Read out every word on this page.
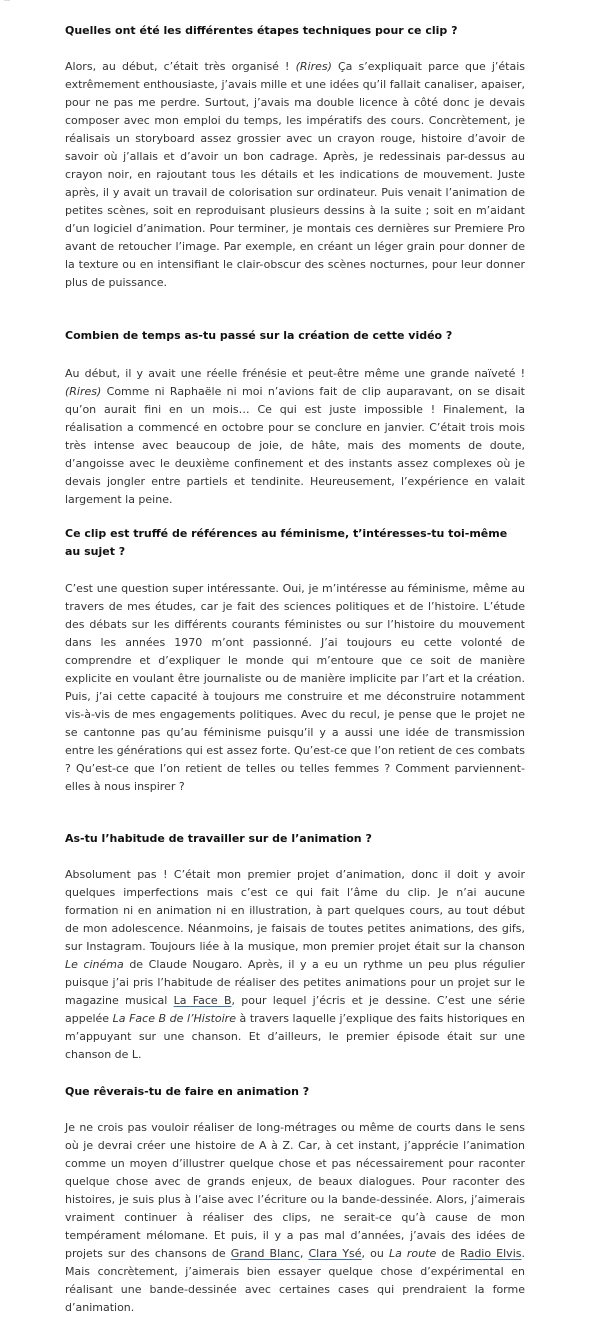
Quelles ont été les différentes étapes techniques pour ce clip ?

Alors, au début, c’était très organisé ! (Rires) Ça s’expliquait parce que j’étais extrêmement enthousiaste, j’avais mille et une idées qu’il fallait canaliser, apaiser, pour ne pas me perdre. Surtout, j’avais ma double licence à côté donc je devais composer avec mon emploi du temps, les impératifs des cours. Concrètement, je réalisais un storyboard assez grossier avec un crayon rouge, histoire d’avoir de savoir où j’allais et d’avoir un bon cadrage. Après, je redessinais par-dessus au crayon noir, en rajoutant tous les détails et les indications de mouvement. Juste après, il y avait un travail de colorisation sur ordinateur. Puis venait l’animation de petites scènes, soit en reproduisant plusieurs dessins à la suite ; soit en m’aidant d’un logiciel d’animation. Pour terminer, je montais ces dernières sur Premiere Pro avant de retoucher l’image. Par exemple, en créant un léger grain pour donner de la texture ou en intensifiant le clair-obscur des scènes nocturnes, pour leur donner plus de puissance.

Combien de temps as-tu passé sur la création de cette vidéo ?

Au début, il y avait une réelle frénésie et peut-être même une grande naïveté ! (Rires) Comme ni Raphaële ni moi n’avions fait de clip auparavant, on se disait qu’on aurait fini en un mois… Ce qui est juste impossible ! Finalement, la réalisation a commencé en octobre pour se conclure en janvier. C’était trois mois très intense avec beaucoup de joie, de hâte, mais des moments de doute, d’angoisse avec le deuxième confinement et des instants assez complexes où je devais jongler entre partiels et tendinite. Heureusement, l’expérience en valait largement la peine.

Ce clip est truffé de références au féminisme, t’intéresses-tu toi-même au sujet ?

C’est une question super intéressante. Oui, je m’intéresse au féminisme, même au travers de mes études, car je fait des sciences politiques et de l’histoire. L’étude des débats sur les différents courants féministes ou sur l’histoire du mouvement dans les années 1970 m’ont passionné. J’ai toujours eu cette volonté de comprendre et d’expliquer le monde qui m’entoure que ce soit de manière explicite en voulant être journaliste ou de manière implicite par l’art et la création. Puis, j’ai cette capacité à toujours me construire et me déconstruire notamment vis-à-vis de mes engagements politiques. Avec du recul, je pense que le projet ne se cantonne pas qu’au féminisme puisqu’il y a aussi une idée de transmission entre les générations qui est assez forte. Qu’est-ce que l’on retient de ces combats ? Qu’est-ce que l’on retient de telles ou telles femmes ? Comment parviennent-elles à nous inspirer ?

As-tu l’habitude de travailler sur de l’animation ?

Absolument pas ! C’était mon premier projet d’animation, donc il doit y avoir quelques imperfections mais c’est ce qui fait l’âme du clip. Je n’ai aucune formation ni en animation ni en illustration, à part quelques cours, au tout début de mon adolescence. Néanmoins, je faisais de toutes petites animations, des gifs, sur Instagram. Toujours liée à la musique, mon premier projet était sur la chanson Le cinéma de Claude Nougaro. Après, il y a eu un rythme un peu plus régulier puisque j’ai pris l’habitude de réaliser des petites animations pour un projet sur le magazine musical La Face B, pour lequel j’écris et je dessine. C’est une série appelée La Face B de l’Histoire à travers laquelle j’explique des faits historiques en m’appuyant sur une chanson. Et d’ailleurs, le premier épisode était sur une chanson de L.

Que rêverais-tu de faire en animation ?

Je ne crois pas vouloir réaliser de long-métrages ou même de courts dans le sens où je devrai créer une histoire de A à Z. Car, à cet instant, j’apprécie l’animation comme un moyen d’illustrer quelque chose et pas nécessairement pour raconter quelque chose avec de grands enjeux, de beaux dialogues. Pour raconter des histoires, je suis plus à l’aise avec l’écriture ou la bande-dessinée. Alors, j’aimerais vraiment continuer à réaliser des clips, ne serait-ce qu’à cause de mon tempérament mélomane. Et puis, il y a pas mal d’années, j’avais des idées de projets sur des chansons de Grand Blanc, Clara Ysé, ou La route de Radio Elvis. Mais concrètement, j’aimerais bien essayer quelque chose d’expérimental en réalisant une bande-dessinée avec certaines cases qui prendraient la forme d’animation.
